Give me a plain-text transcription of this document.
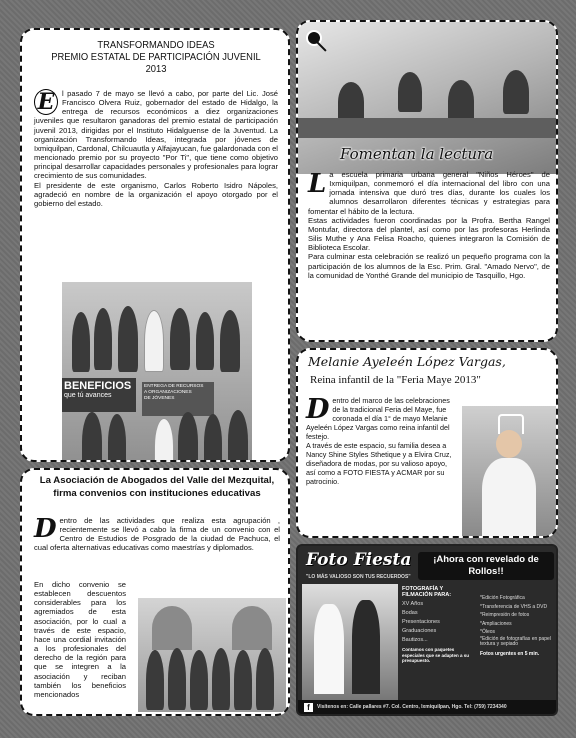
TRANSFORMANDO IDEAS
PREMIO ESTATAL DE PARTICIPACIÓN JUVENIL 2013
E	l pasado 7 de mayo se llevó a cabo, por parte del Lic. José Francisco Olvera Ruiz, gobernador del estado de Hidalgo, la entrega de recursos económicos a diez organizaciones juveniles que resultaron ganadoras del premio estatal de participación juvenil 2013, dirigidas por el Instituto Hidalguense de la Juventud. La organización Transformando Ideas, integrada por jóvenes de Ixmiquilpan, Cardonal, Chilcuautla y Alfajayucan, fue galardonada con el mencionado premio por su proyecto "Por Ti", que tiene como objetivo principal desarrollar capacidades personales y profesionales para lograr crecimiento de sus comunidades.

El presidente de este organismo, Carlos Roberto Isidro Nápoles, agradeció en nombre de la organización el apoyo otorgado por el gobierno del estado.

BENEFICIOS
que tú avances
ENTREGA DE RECURSOS
A ORGANIZACIONES
DE JÓVENES
Fomentan la lectura
L a escuela primaria urbana general "Niños Héroes" de Ixmiquilpan, conmemoró el día internacional del libro con una jornada intensiva que duró tres días, durante los cuales los alumnos desarrollaron diferentes técnicas y estrategias para fomentar el hábito de la lectura.

Estas actividades fueron coordinadas por la Profra. Bertha Rangel Montufar, directora del plantel, así como por las profesoras Herlinda Silis Muthe y Ana Felisa Roacho, quienes integraron la Comisión de Biblioteca Escolar.

Para culminar esta celebración se realizó un pequeño programa con la participación de los alumnos de la Esc. Prim. Gral. "Amado Nervo", de la comunidad de Yonthé Grande del municipio de Tasquillo, Hgo.

Melanie Ayeleén López Vargas,
Reina infantil de la "Feria Maye 2013"
D entro del marco de las celebraciones de la tradicional Feria del Maye, fue coronada el día 1° de mayo Melanie Ayeleén López Vargas como reina infantil del festejo.

A través de este espacio, su familia desea a Nancy Shine Styles Sthetique y a Elvira Cruz, diseñadora de modas, por su valioso apoyo, así como a FOTO FIESTA y ACMAR por su patrocinio.

La Asociación de Abogados del Valle del Mezquital,
firma convenios con instituciones educativas
D entro de las actividades que realiza esta agrupación , recientemente se llevó a cabo la firma de un convenio con el Centro de Estudios de Posgrado de la ciudad de Pachuca, el cual oferta alternativas educativas como maestrías y diplomados.

En dicho convenio se establecen descuentos considerables para los agremiados de esta asociación, por lo cual a través de este espacio, hace una cordial invitación a los profesionales del derecho de la región para que se integren a la asociación y reciban también los beneficios mencionados

Foto Fiesta
"LO MÁS VALIOSO SON TUS RECUERDOS"
¡Ahora con revelado de Rollos!!
FOTOGRAFÍA Y
FILMACIÓN PARA:
XV Años
Bodas
Presentaciones
Graduaciones
Bautizos...
Contamos con paquetes especiales que se adapten a su presupuesto.
*Edición Fotográfica
*Transferencia de VHS a DVD
*Reimpresión de fotos
*Ampliaciones
*Óleos
*Edición de fotografías en papel textura y sepiado
Fotos urgentes en 5 min.
f	Visítenos en: Calle pallares #7. Col. Centro, Ixmiquilpan, Hgo. Tel: (759) 7234340
